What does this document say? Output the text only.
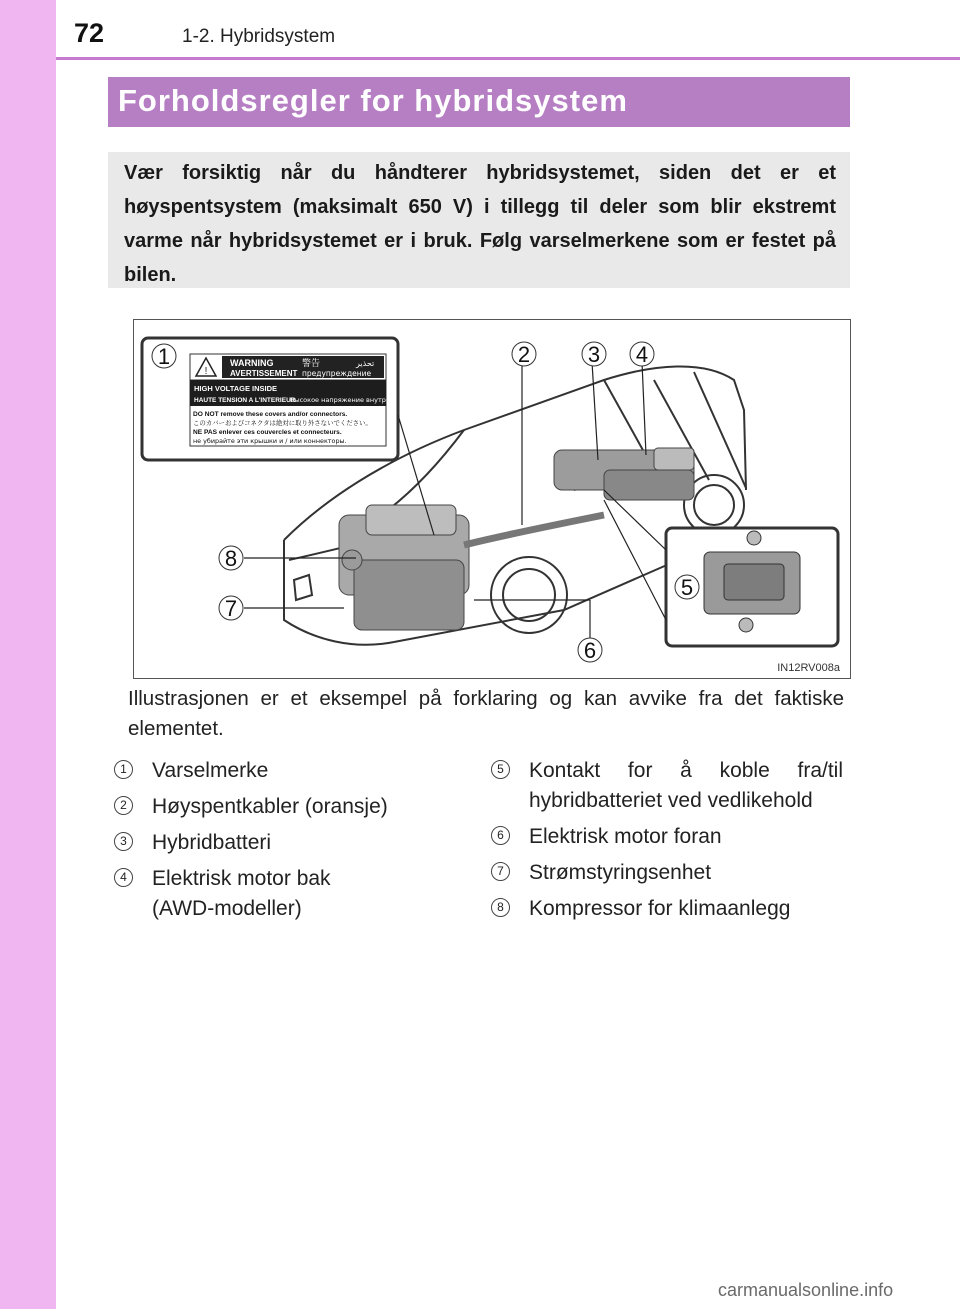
72	1-2. Hybridsystem
Forholdsregler for hybridsystem
Vær forsiktig når du håndterer hybridsystemet, siden det er et høyspentsystem (maksimalt 650 V) i tillegg til deler som blir ekstremt varme når hybridsystemet er i bruk. Følg varselmerkene som er festet på bilen.
1
!
WARNING
AVERTISSEMENT
警告
предупреждение
تحذير
HIGH VOLTAGE INSIDE
HAUTE TENSION A L'INTERIEUR
Высокое напряжение внутри
DO NOT remove these covers and/or connectors.
このカバーおよびコネクタは絶対に取り外さないでください。
NE PAS enlever ces couvercles et connecteurs.
не убирайте эти крышки и / или коннекторы.
5
2	3 4
8
7
6
IN12RV008a
Illustrasjonen er et eksempel på forklaring og kan avvike fra det faktiske elementet.
1 Varselmerke
2 Høyspentkabler (oransje)
3 Hybridbatteri
4 Elektrisk motor bak
(AWD-modeller)
5 Kontakt for å koble fra/til
hybridbatteriet ved vedlikehold
6 Elektrisk motor foran
7 Strømstyringsenhet
8 Kompressor for klimaanlegg
carmanualsonline.info
